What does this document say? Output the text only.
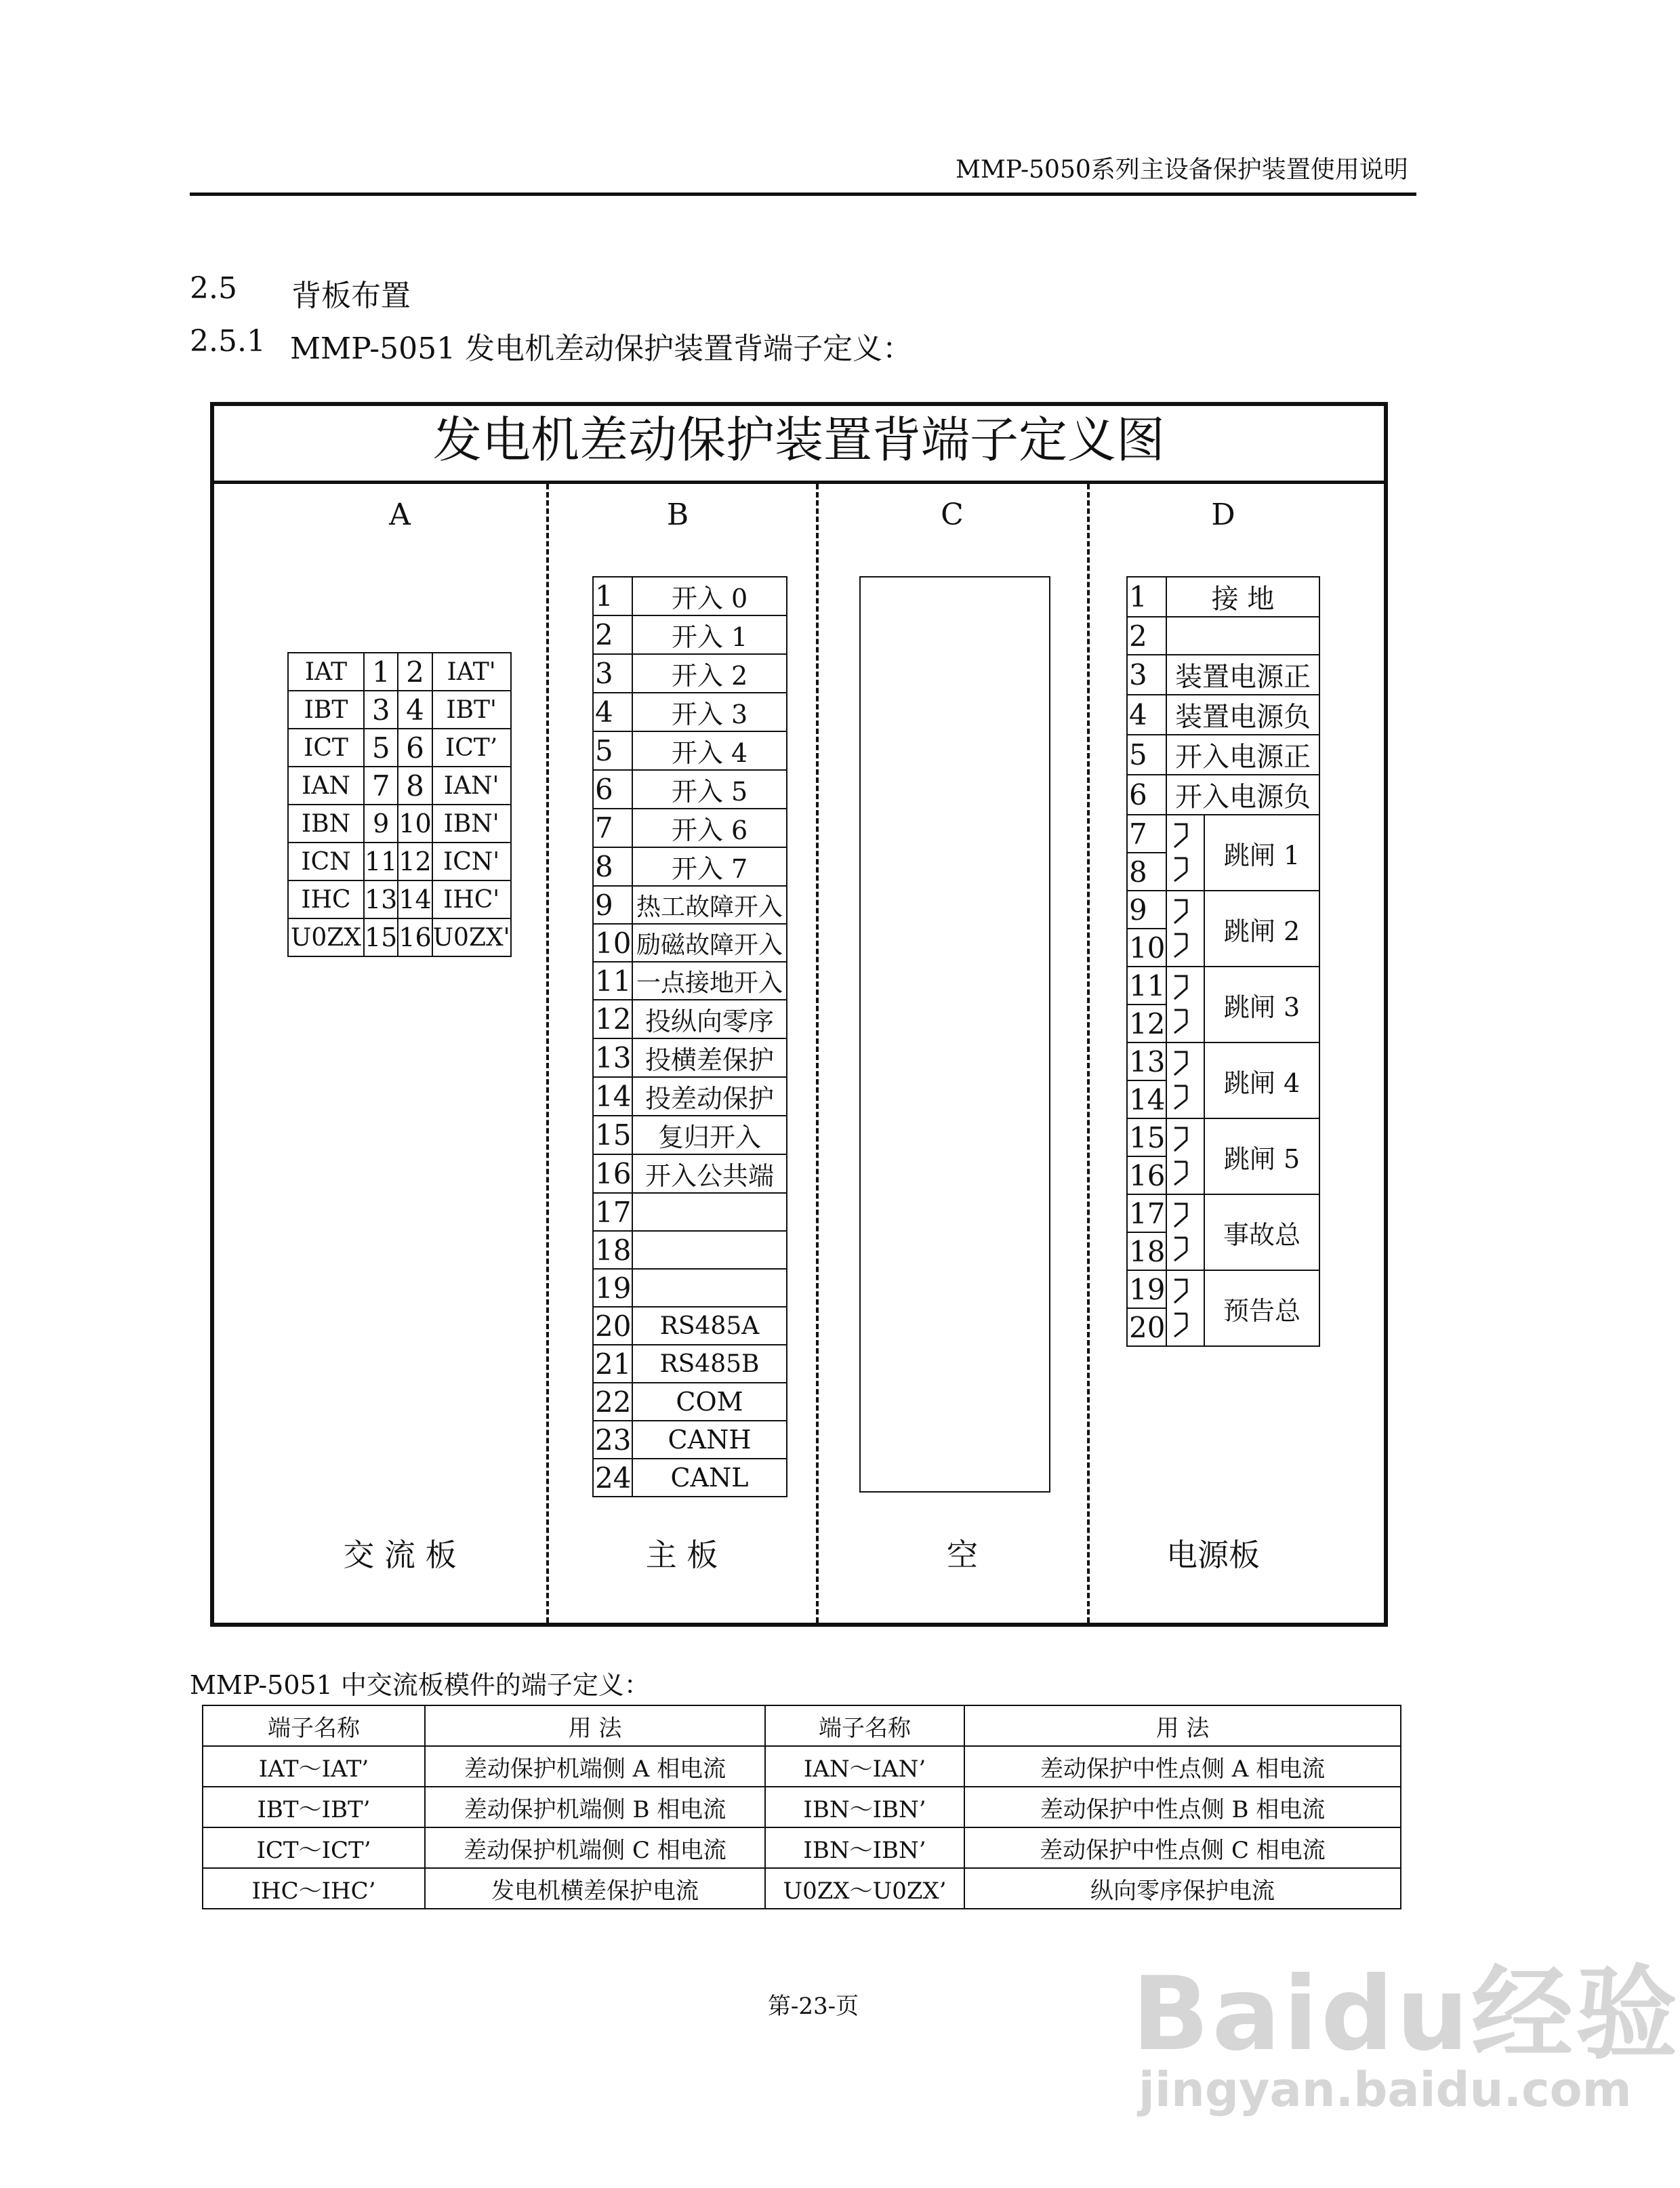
MMP-5050系列主设备保护装置使用说明
2.5 背板布置
2.5.1 MMP-5051 发电机差动保护装置背端子定义：
发电机差动保护装置背端子定义图
A	B	C	D
IAT	1	2	IAT'
IBT	3	4	IBT'
ICT	5	6	ICT’
IAN	7	8	IAN'
IBN	9	10	IBN'
ICN	11	12	ICN'
IHC	13	14	IHC'
U0ZX	15	16	U0ZX'
1	开入 0
2	开入 1
3	开入 2
4	开入 3
5	开入 4
6	开入 5
7	开入 6
8	开入 7
9	热工故障开入
10	励磁故障开入
11	一点接地开入
12	投纵向零序
13	投横差保护
14	投差动保护
15	复归开入
16	开入公共端
17	
18	
19	
20	RS485A
21	RS485B
22	COM
23	CANH
24	CANL
1	接 地	
2		
3	装置电源正	
4	装置电源负	
5	开入电源正	
6	开入电源负	
7		跳闸 1
8		
9		跳闸 2
10		
11		跳闸 3
12		
13		跳闸 4
14		
15		跳闸 5
16		
17		事故总
18		
19		预告总
20		
交 流 板	主 板	空	电源板
MMP-5051 中交流板模件的端子定义：
端子名称	用 法	端子名称	用 法
IAT～IAT’	差动保护机端侧 A 相电流	IAN～IAN’	差动保护中性点侧 A 相电流
IBT～IBT’	差动保护机端侧 B 相电流	IBN～IBN’	差动保护中性点侧 B 相电流
ICT～ICT’	差动保护机端侧 C 相电流	IBN～IBN’	差动保护中性点侧 C 相电流
IHC～IHC’	发电机横差保护电流	U0ZX～U0ZX’	纵向零序保护电流
第-23-页	Baidu经验
jingyan.baidu.com
